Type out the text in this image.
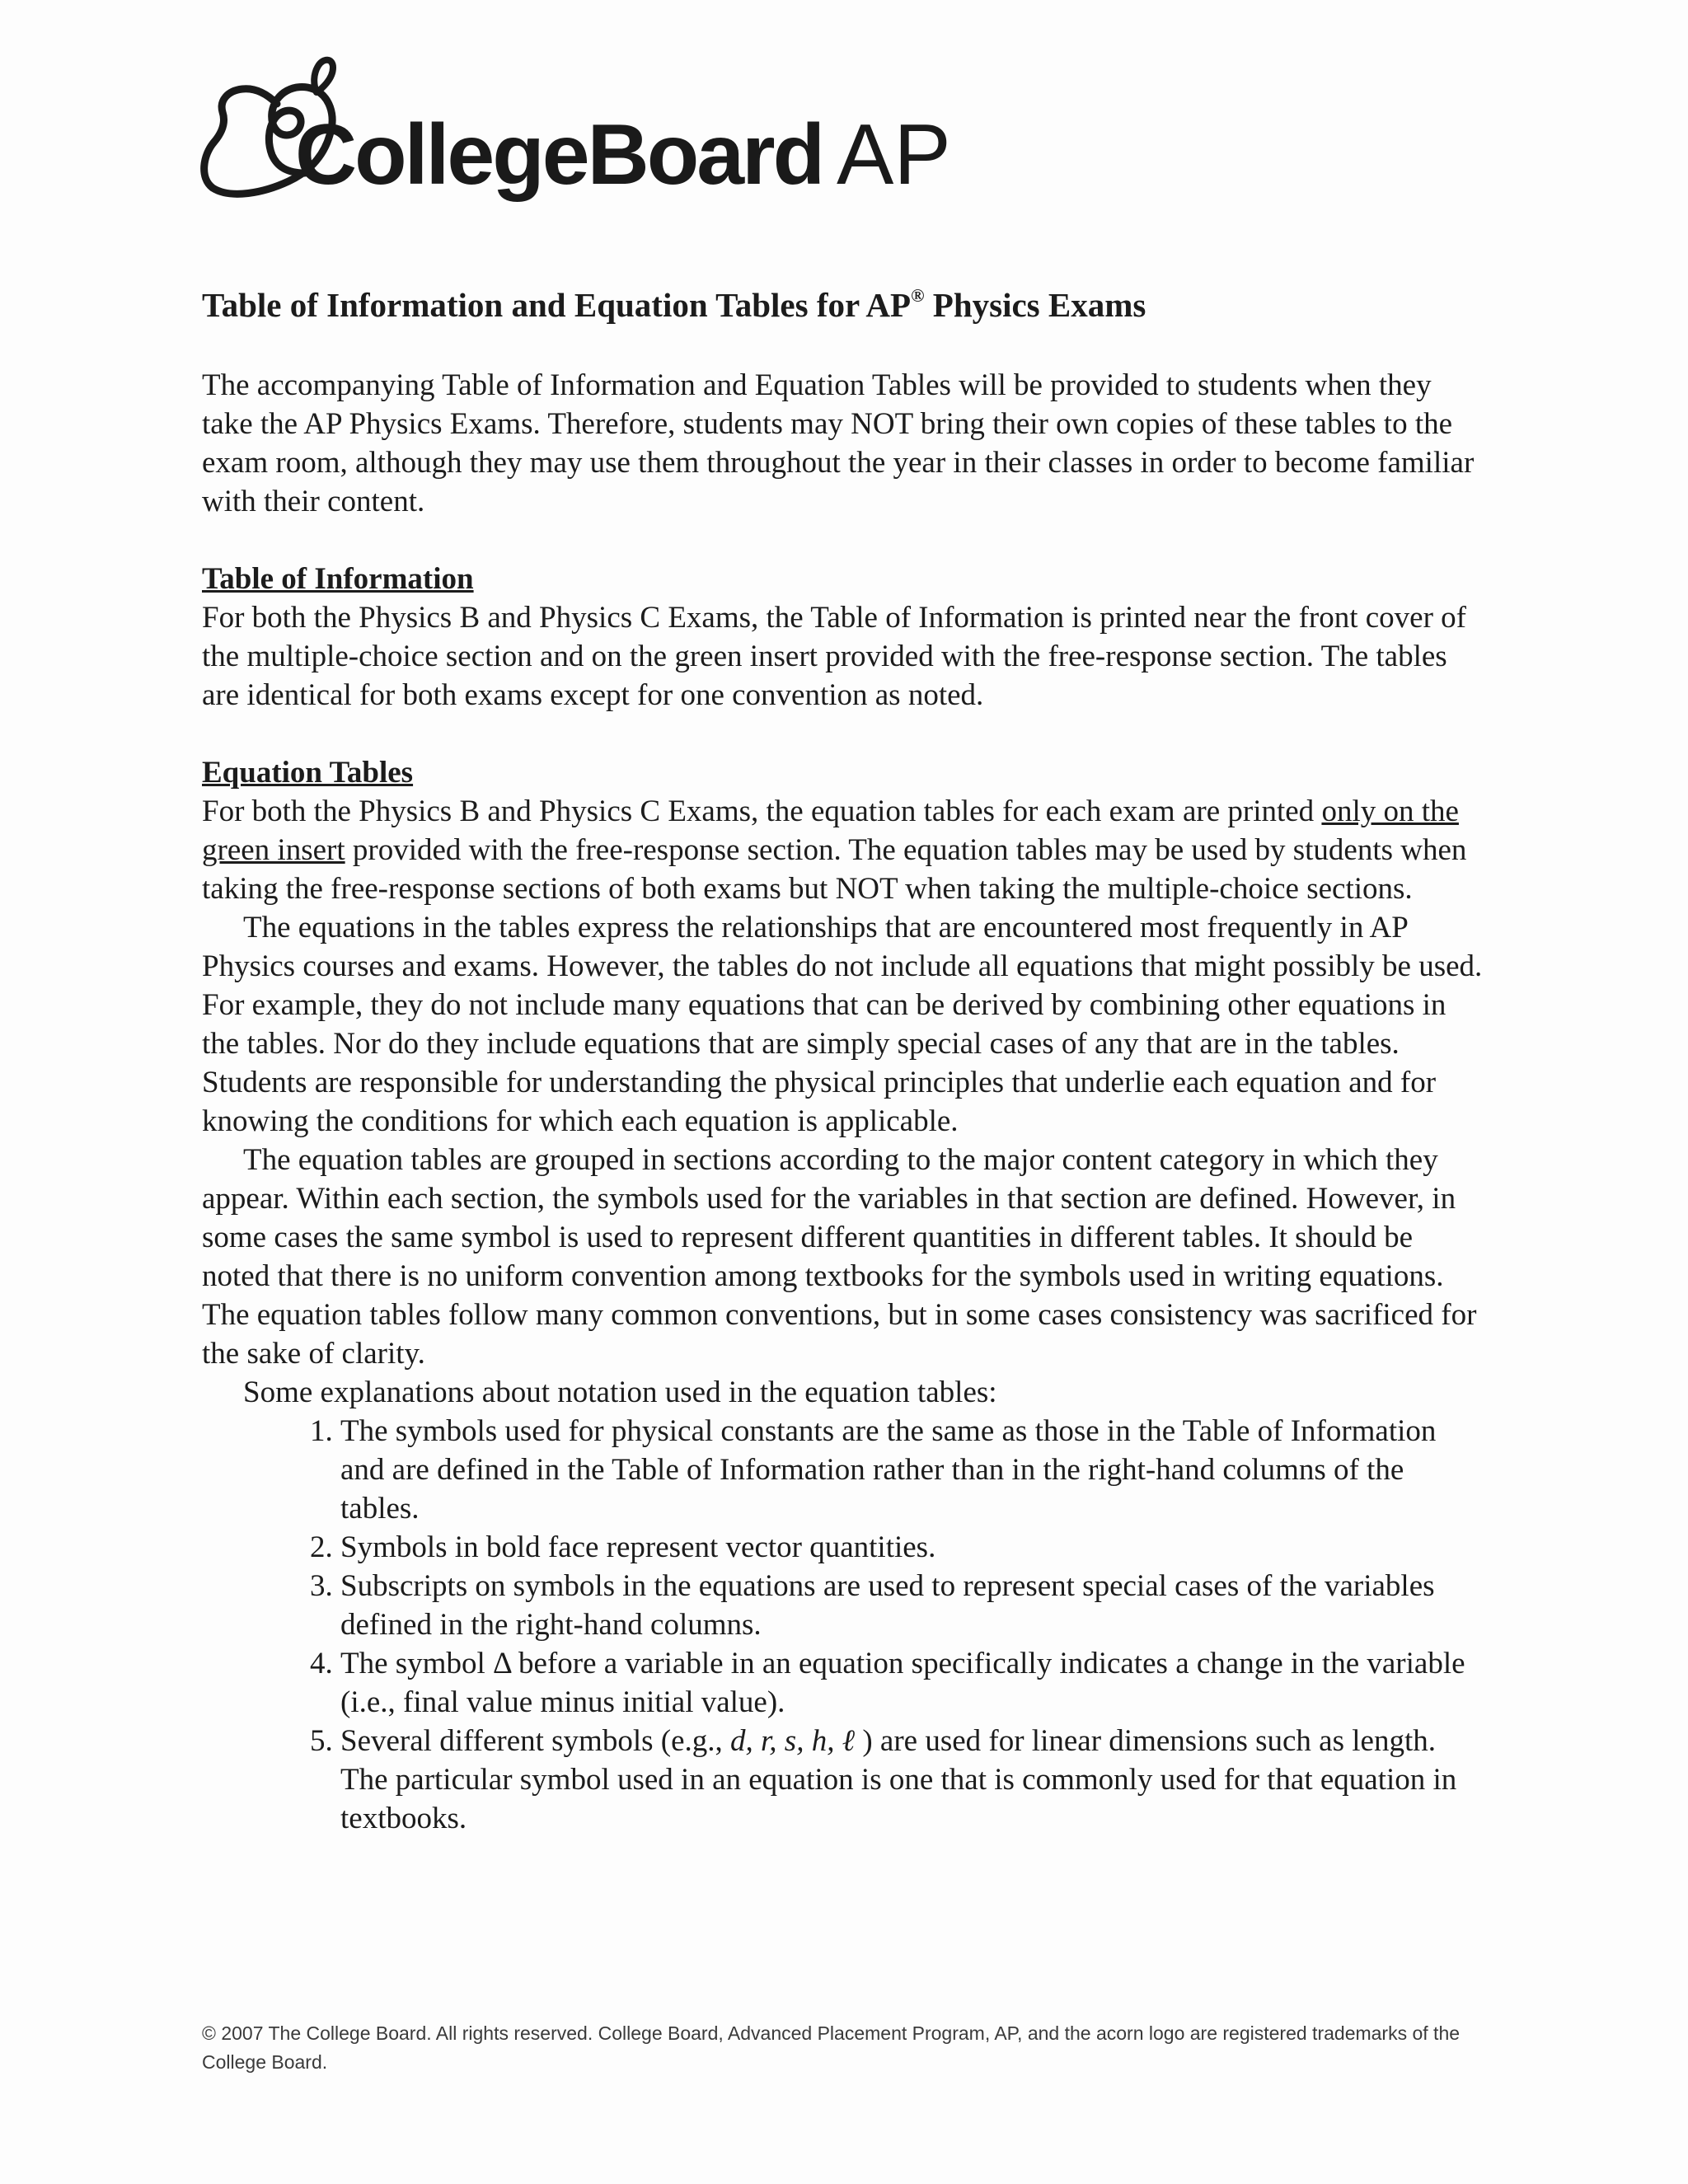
CollegeBoard AP
Table of Information and Equation Tables for AP® Physics Exams

The accompanying Table of Information and Equation Tables will be provided to students when they take the AP Physics Exams. Therefore, students may NOT bring their own copies of these tables to the exam room, although they may use them throughout the year in their classes in order to become familiar with their content.

Table of Information

For both the Physics B and Physics C Exams, the Table of Information is printed near the front cover of the multiple-choice section and on the green insert provided with the free-response section. The tables are identical for both exams except for one convention as noted.

Equation Tables

For both the Physics B and Physics C Exams, the equation tables for each exam are printed only on the green insert provided with the free-response section. The equation tables may be used by students when taking the free-response sections of both exams but NOT when taking the multiple-choice sections.

The equations in the tables express the relationships that are encountered most frequently in AP Physics courses and exams. However, the tables do not include all equations that might possibly be used. For example, they do not include many equations that can be derived by combining other equations in the tables. Nor do they include equations that are simply special cases of any that are in the tables. Students are responsible for understanding the physical principles that underlie each equation and for knowing the conditions for which each equation is applicable.

The equation tables are grouped in sections according to the major content category in which they appear. Within each section, the symbols used for the variables in that section are defined. However, in some cases the same symbol is used to represent different quantities in different tables. It should be noted that there is no uniform convention among textbooks for the symbols used in writing equations. The equation tables follow many common conventions, but in some cases consistency was sacrificed for the sake of clarity.

Some explanations about notation used in the equation tables:

1. The symbols used for physical constants are the same as those in the Table of Information and are defined in the Table of Information rather than in the right-hand columns of the tables.
2. Symbols in bold face represent vector quantities.
3. Subscripts on symbols in the equations are used to represent special cases of the variables defined in the right-hand columns.
4. The symbol Δ before a variable in an equation specifically indicates a change in the variable (i.e., final value minus initial value).
5. Several different symbols (e.g., d, r, s, h, ℓ ) are used for linear dimensions such as length. The particular symbol used in an equation is one that is commonly used for that equation in textbooks.
© 2007 The College Board. All rights reserved. College Board, Advanced Placement Program, AP, and the acorn logo are registered trademarks of the College Board.
